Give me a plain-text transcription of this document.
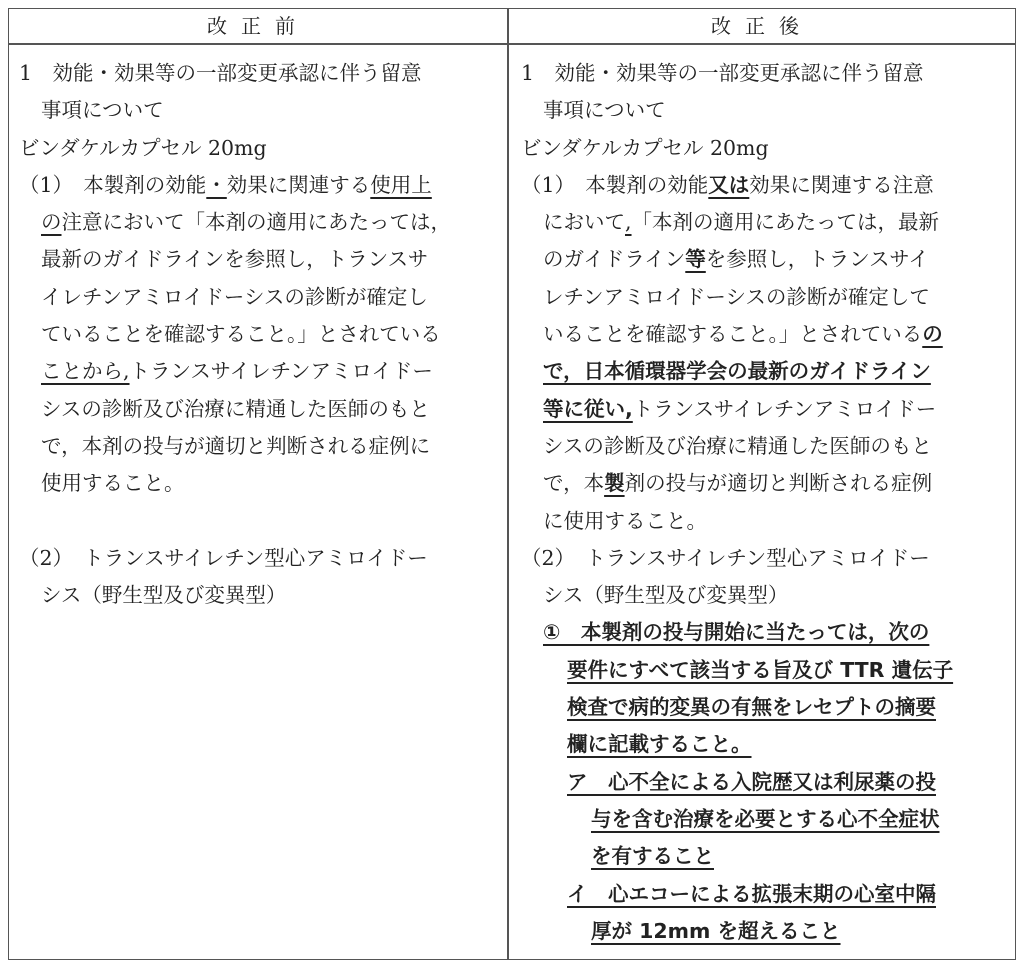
改正前	改正後
1　効能・効果等の一部変更承認に伴う留意
事項について
ビンダケルカプセル 20mg
（1）　本製剤の効能・効果に関連する使用上
の注意において「本剤の適用にあたっては，
最新のガイドラインを参照し，トランスサ
イレチンアミロイドーシスの診断が確定し
ていることを確認すること。」とされている
ことから,トランスサイレチンアミロイドー
シスの診断及び治療に精通した医師のもと
で，本剤の投与が適切と判断される症例に
使用すること。
（2）　トランスサイレチン型心アミロイドー
シス（野生型及び変異型）
1　効能・効果等の一部変更承認に伴う留意
事項について
ビンダケルカプセル 20mg
（1）　本製剤の効能又は効果に関連する注意
において,「本剤の適用にあたっては，最新
のガイドライン等を参照し，トランスサイ
レチンアミロイドーシスの診断が確定して
いることを確認すること。」とされているの
で，日本循環器学会の最新のガイドライン
等に従い,トランスサイレチンアミロイドー
シスの診断及び治療に精通した医師のもと
で，本製剤の投与が適切と判断される症例
に使用すること。
（2）　トランスサイレチン型心アミロイドー
シス（野生型及び変異型）
①　本製剤の投与開始に当たっては，次の
要件にすべて該当する旨及び TTR 遺伝子
検査で病的変異の有無をレセプトの摘要
欄に記載すること。
ア　心不全による入院歴又は利尿薬の投
与を含む治療を必要とする心不全症状
を有すること
イ　心エコーによる拡張末期の心室中隔
厚が 12mm を超えること
